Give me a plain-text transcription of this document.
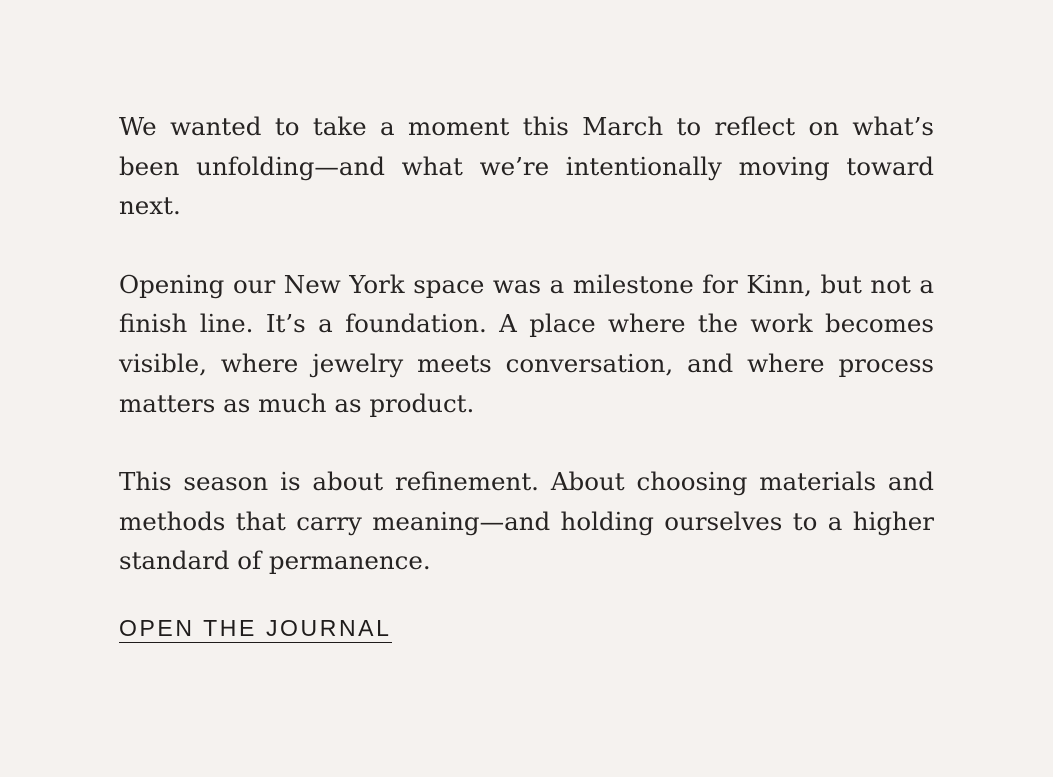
We wanted to take a moment this March to reflect on what’s been unfolding—and what we’re intentionally moving toward next.

Opening our New York space was a milestone for Kinn, but not a finish line. It’s a foundation. A place where the work becomes visible, where jewelry meets conversation, and where process matters as much as product.

This season is about refinement. About choosing materials and methods that carry meaning—and holding ourselves to a higher standard of permanence.

OPEN THE JOURNAL
